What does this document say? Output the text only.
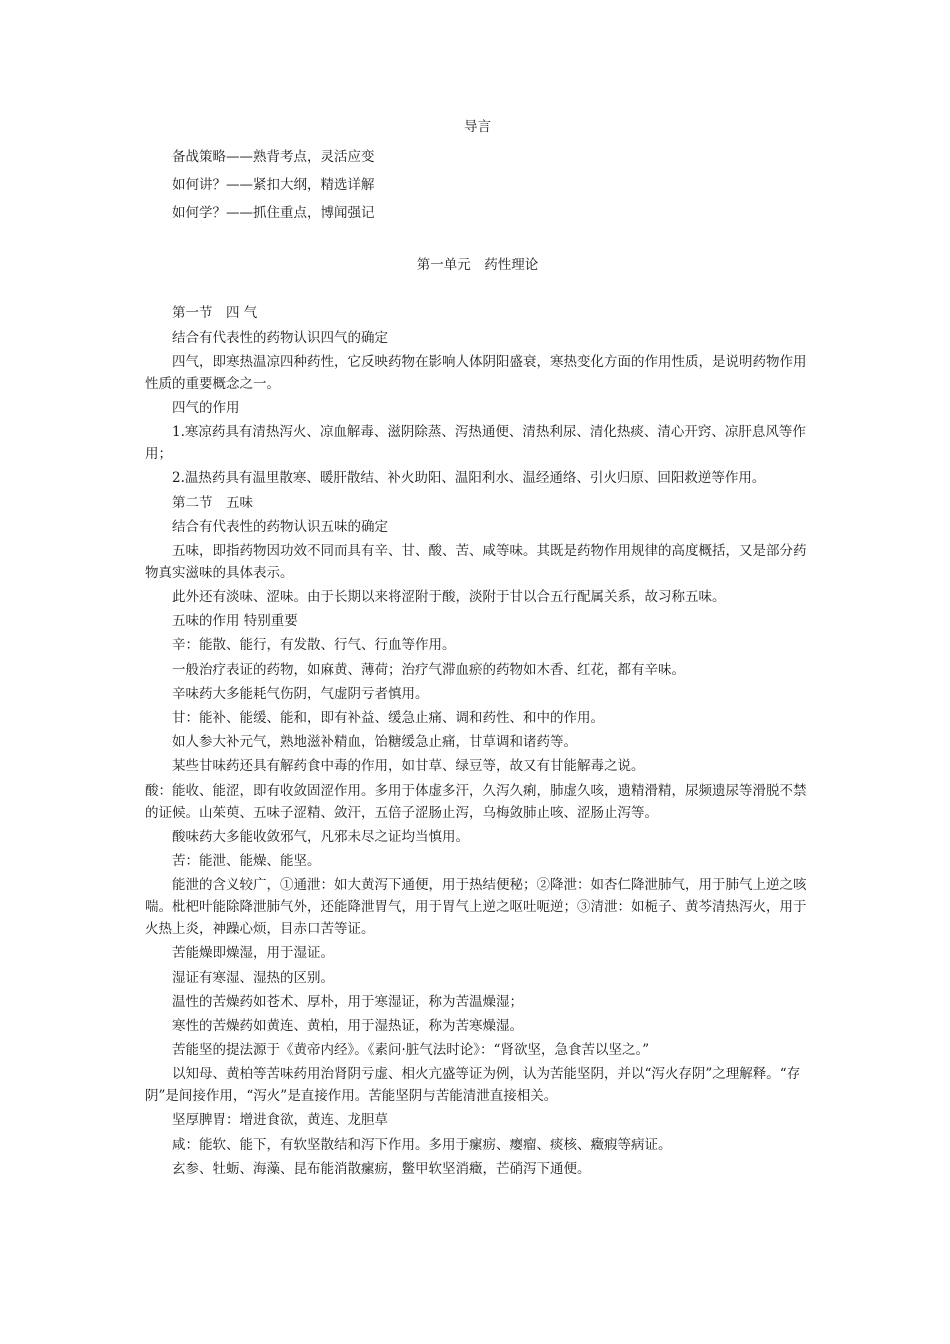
导言
备战策略——熟背考点，灵活应变
如何讲？——紧扣大纲，精选详解
如何学？——抓住重点，博闻强记
第一单元　药性理论
第一节　四 气
结合有代表性的药物认识四气的确定
四气，即寒热温凉四种药性，它反映药物在影响人体阴阳盛衰，寒热变化方面的作用性质，是说明药物作用性质的重要概念之一。
四气的作用
1.寒凉药具有清热泻火、凉血解毒、滋阴除蒸、泻热通便、清热利尿、清化热痰、清心开窍、凉肝息风等作用；
2.温热药具有温里散寒、暖肝散结、补火助阳、温阳利水、温经通络、引火归原、回阳救逆等作用。
第二节　五味
结合有代表性的药物认识五味的确定
五味，即指药物因功效不同而具有辛、甘、酸、苦、咸等味。其既是药物作用规律的高度概括，又是部分药物真实滋味的具体表示。
此外还有淡味、涩味。由于长期以来将涩附于酸，淡附于甘以合五行配属关系，故习称五味。
五味的作用 特别重要
辛：能散、能行，有发散、行气、行血等作用。
一般治疗表证的药物，如麻黄、薄荷；治疗气滞血瘀的药物如木香、红花，都有辛味。
辛味药大多能耗气伤阴，气虚阴亏者慎用。
甘：能补、能缓、能和，即有补益、缓急止痛、调和药性、和中的作用。
如人参大补元气，熟地滋补精血，饴糖缓急止痛，甘草调和诸药等。
某些甘味药还具有解药食中毒的作用，如甘草、绿豆等，故又有甘能解毒之说。
酸：能收、能涩，即有收敛固涩作用。多用于体虚多汗，久泻久痢，肺虚久咳，遗精滑精，尿频遗尿等滑脱不禁的证候。山茱萸、五味子涩精、敛汗，五倍子涩肠止泻，乌梅敛肺止咳、涩肠止泻等。
酸味药大多能收敛邪气，凡邪未尽之证均当慎用。
苦：能泄、能燥、能坚。
能泄的含义较广，①通泄：如大黄泻下通便，用于热结便秘；②降泄：如杏仁降泄肺气，用于肺气上逆之咳喘。枇杷叶能除降泄肺气外，还能降泄胃气，用于胃气上逆之呕吐呃逆；③清泄：如栀子、黄芩清热泻火，用于火热上炎，神躁心烦，目赤口苦等证。
苦能燥即燥湿，用于湿证。
湿证有寒湿、湿热的区别。
温性的苦燥药如苍术、厚朴，用于寒湿证，称为苦温燥湿；
寒性的苦燥药如黄连、黄柏，用于湿热证，称为苦寒燥湿。
苦能坚的提法源于《黄帝内经》。《素问·脏气法时论》：“肾欲坚，急食苦以坚之。”
以知母、黄柏等苦味药用治肾阴亏虚、相火亢盛等证为例，认为苦能坚阴，并以“泻火存阴”之理解释。“存阴”是间接作用，“泻火”是直接作用。苦能坚阴与苦能清泄直接相关。
坚厚脾胃：增进食欲，黄连、龙胆草
咸：能软、能下，有软坚散结和泻下作用。多用于瘰疬、瘿瘤、痰核、癥瘕等病证。
玄参、牡蛎、海藻、昆布能消散瘰疬，鳖甲软坚消癥，芒硝泻下通便。
